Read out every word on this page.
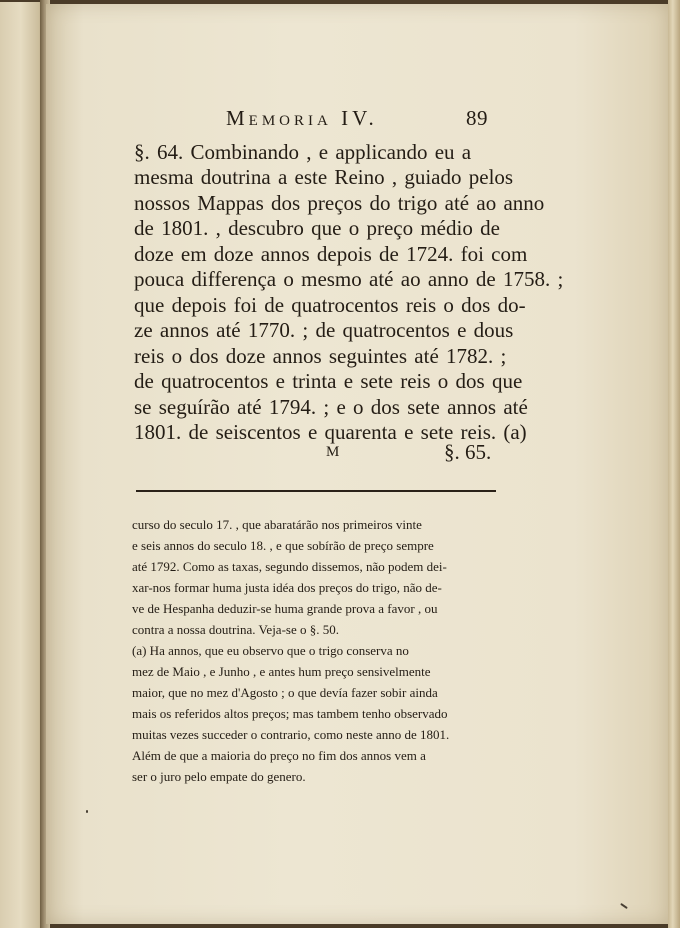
Memoria IV.	89
§. 64. Combinando , e applicando eu a
mesma doutrina a este Reino , guiado pelos
nossos Mappas dos preços do trigo até ao anno
de 1801. , descubro que o preço médio de
doze em doze annos depois de 1724. foi com
pouca differença o mesmo até ao anno de 1758. ;
que depois foi de quatrocentos reis o dos do-
ze annos até 1770. ; de quatrocentos e dous
reis o dos doze annos seguintes até 1782. ;
de quatrocentos e trinta e sete reis o dos que
se seguírão até 1794. ; e o dos sete annos até
1801. de seiscentos e quarenta e sete reis. (a)
M	§. 65.
curso do seculo 17. , que abaratárão nos primeiros vinte
e seis annos do seculo 18. , e que sobírão de preço sempre
até 1792. Como as taxas, segundo dissemos, não podem dei-
xar-nos formar huma justa idéa dos preços do trigo, não de-
ve de Hespanha deduzir-se huma grande prova a favor , ou
contra a nossa doutrina. Veja-se o §. 50.
(a) Ha annos, que eu observo que o trigo conserva no
mez de Maio , e Junho , e antes hum preço sensivelmente
maior, que no mez d'Agosto ; o que devía fazer sobir ainda
mais os referidos altos preços; mas tambem tenho observado
muitas vezes succeder o contrario, como neste anno de 1801.
Além de que a maioria do preço no fim dos annos vem a
ser o juro pelo empate do genero.
